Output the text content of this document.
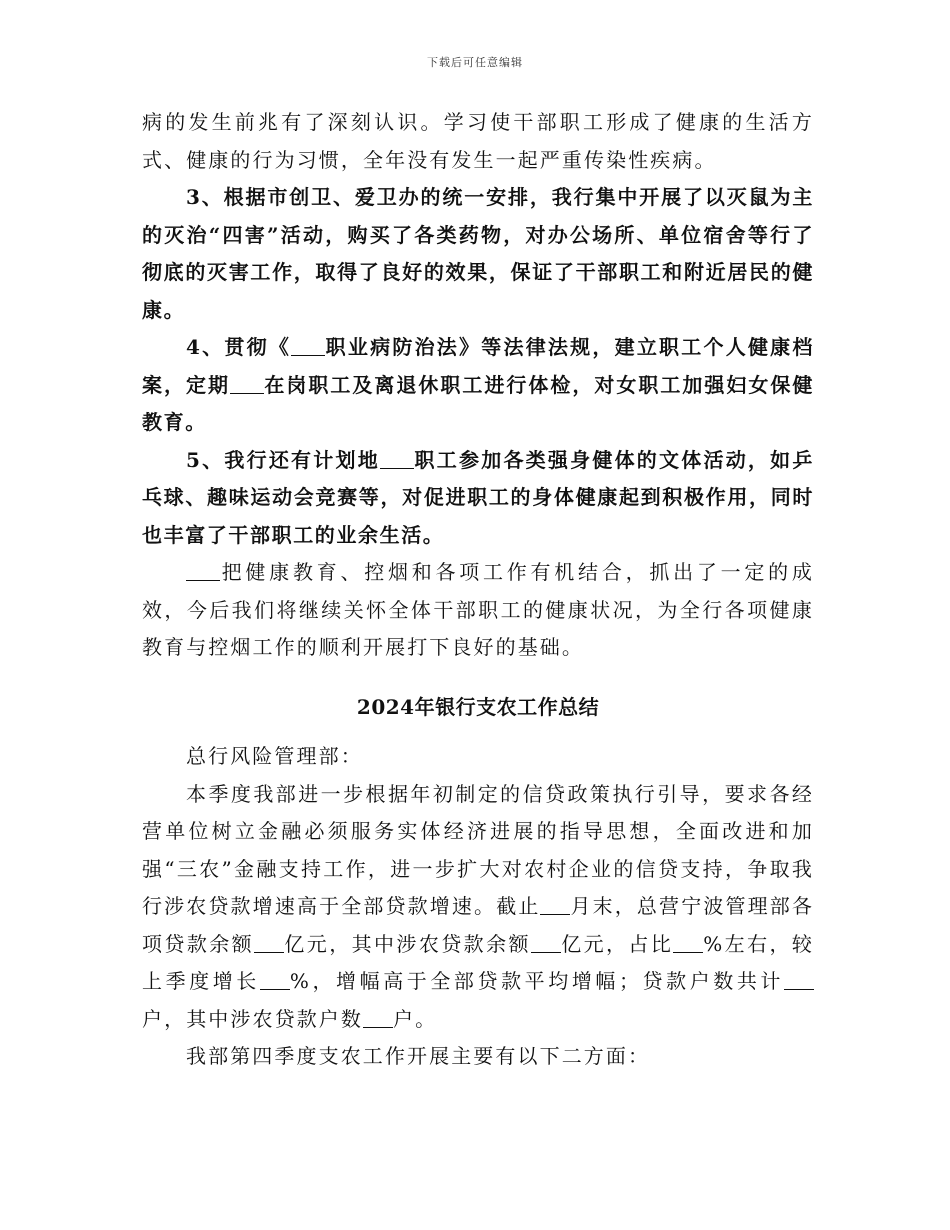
下载后可任意编辑

病的发生前兆有了深刻认识。学习使干部职工形成了健康的生活方式、健康的行为习惯，全年没有发生一起严重传染性疾病。

3、根据市创卫、爱卫办的统一安排，我行集中开展了以灭鼠为主的灭治“四害”活动，购买了各类药物，对办公场所、单位宿舍等行了彻底的灭害工作，取得了良好的效果，保证了干部职工和附近居民的健康。

4、贯彻《 职业病防治法》等法律法规，建立职工个人健康档案，定期 在岗职工及离退休职工进行体检，对女职工加强妇女保健教育。

5、我行还有计划地 职工参加各类强身健体的文体活动，如乒乓球、趣味运动会竞赛等，对促进职工的身体健康起到积极作用，同时也丰富了干部职工的业余生活。

把健康教育、控烟和各项工作有机结合，抓出了一定的成效，今后我们将继续关怀全体干部职工的健康状况，为全行各项健康教育与控烟工作的顺利开展打下良好的基础。

2024年银行支农工作总结

总行风险管理部：

本季度我部进一步根据年初制定的信贷政策执行引导，要求各经营单位树立金融必须服务实体经济进展的指导思想，全面改进和加强“三农”金融支持工作，进一步扩大对农村企业的信贷支持，争取我行涉农贷款增速高于全部贷款增速。截止 月末，总营宁波管理部各项贷款余额 亿元，其中涉农贷款余额 亿元，占比 %左右，较上季度增长 %，增幅高于全部贷款平均增幅；贷款户数共计户，其中涉农贷款户数 户。

我部第四季度支农工作开展主要有以下二方面：
